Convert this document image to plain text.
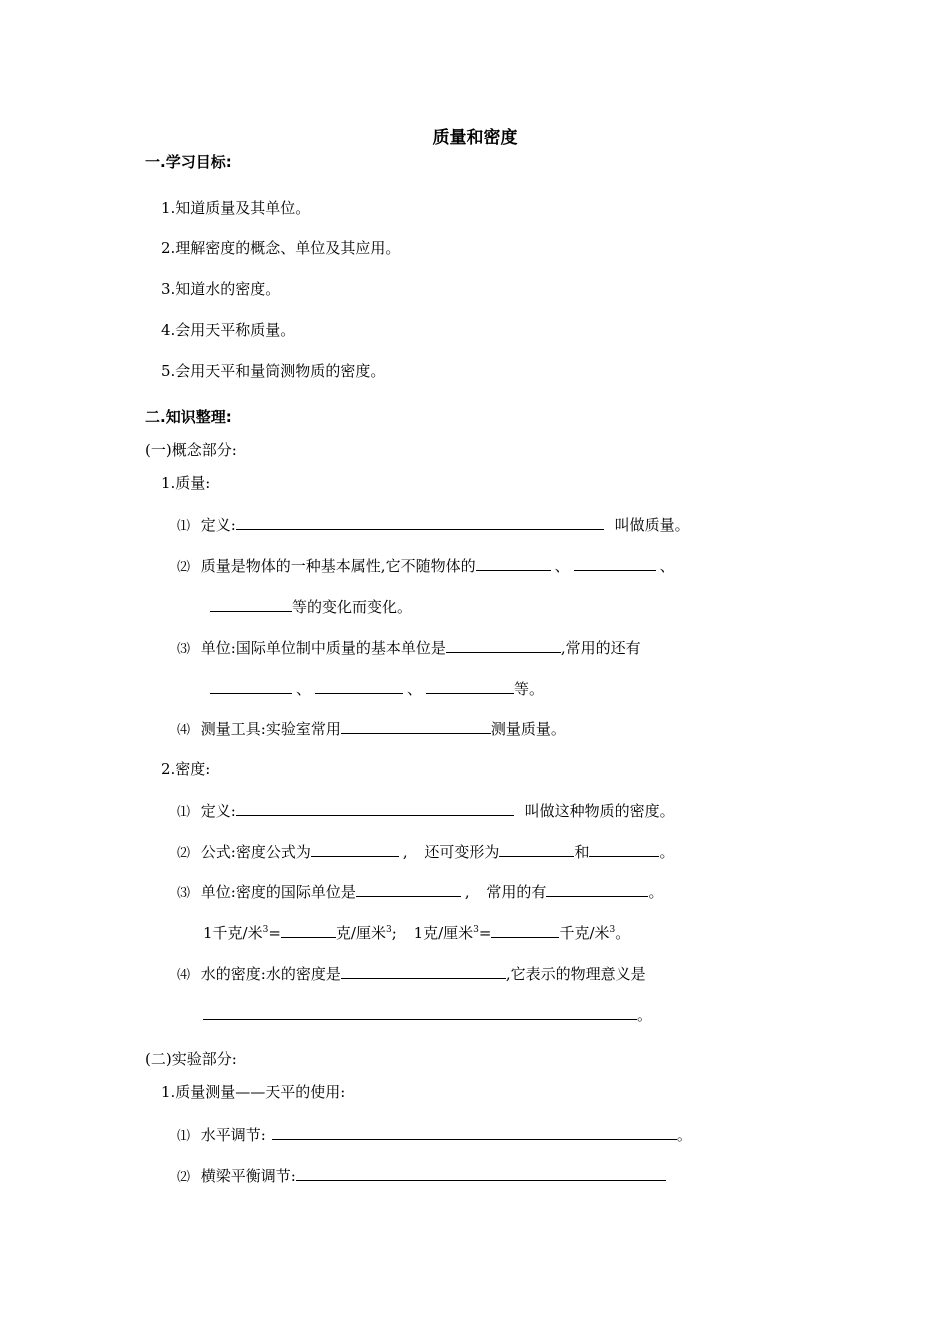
质量和密度
一.学习目标:
1.知道质量及其单位。
2.理解密度的概念、单位及其应用。
3.知道水的密度。
4.会用天平称质量。
5.会用天平和量筒测物质的密度。
二.知识整理:
(一)概念部分:
1.质量:
⑴ 定义:	叫做质量。
⑵ 质量是物体的一种基本属性,它不随物体的	、	、
等的变化而变化。
⑶ 单位:国际单位制中质量的基本单位是	,常用的还有
、	、	等。
⑷ 测量工具:实验室常用	测量质量。
2.密度:
⑴ 定义:	叫做这种物质的密度。
⑵ 公式:密度公式为	, 还可变形为	和	。
⑶ 单位:密度的国际单位是	, 常用的有	。
1千克/米$^3$=	克/厘米$^3$; 1克/厘米$^3$=	千克/米$^3$。
⑷ 水的密度:水的密度是	,它表示的物理意义是
。
(二)实验部分:
1.质量测量——天平的使用:
⑴ 水平调节:	。
⑵ 横梁平衡调节:
